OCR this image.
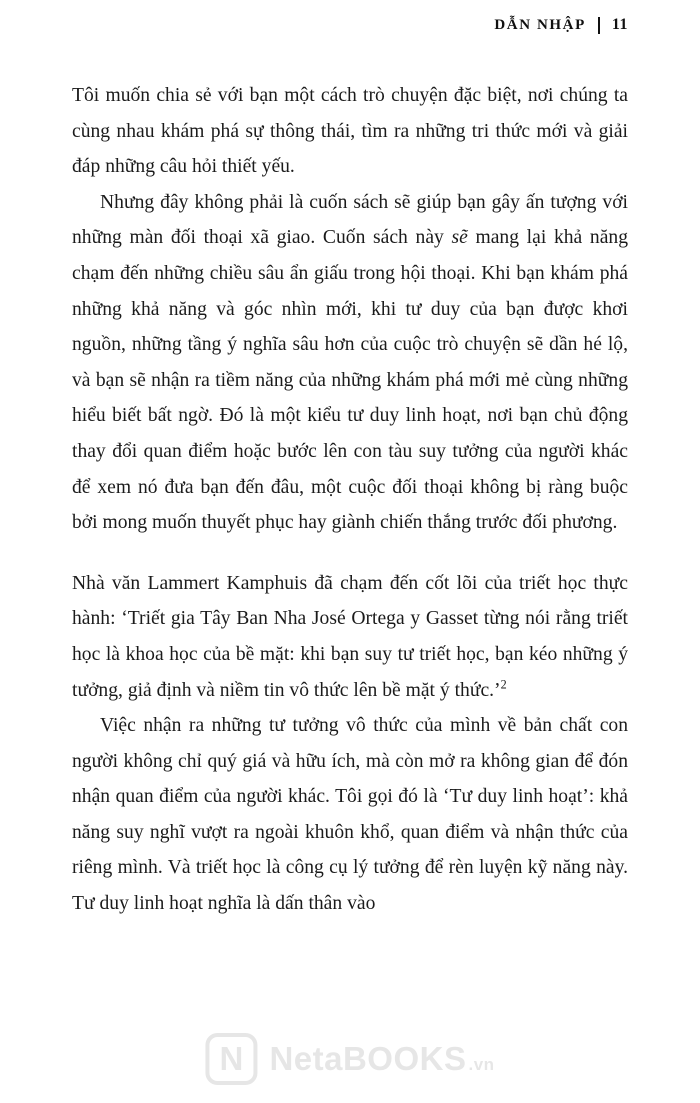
DẪN NHẬP 11

Tôi muốn chia sẻ với bạn một cách trò chuyện đặc biệt, nơi chúng ta cùng nhau khám phá sự thông thái, tìm ra những tri thức mới và giải đáp những câu hỏi thiết yếu.

Nhưng đây không phải là cuốn sách sẽ giúp bạn gây ấn tượng với những màn đối thoại xã giao. Cuốn sách này sẽ mang lại khả năng chạm đến những chiều sâu ẩn giấu trong hội thoại. Khi bạn khám phá những khả năng và góc nhìn mới, khi tư duy của bạn được khơi nguồn, những tầng ý nghĩa sâu hơn của cuộc trò chuyện sẽ dần hé lộ, và bạn sẽ nhận ra tiềm năng của những khám phá mới mẻ cùng những hiểu biết bất ngờ. Đó là một kiểu tư duy linh hoạt, nơi bạn chủ động thay đổi quan điểm hoặc bước lên con tàu suy tưởng của người khác để xem nó đưa bạn đến đâu, một cuộc đối thoại không bị ràng buộc bởi mong muốn thuyết phục hay giành chiến thắng trước đối phương.

Nhà văn Lammert Kamphuis đã chạm đến cốt lõi của triết học thực hành: ‘Triết gia Tây Ban Nha José Ortega y Gasset từng nói rằng triết học là khoa học của bề mặt: khi bạn suy tư triết học, bạn kéo những ý tưởng, giả định và niềm tin vô thức lên bề mặt ý thức.’$^2$

Việc nhận ra những tư tưởng vô thức của mình về bản chất con người không chỉ quý giá và hữu ích, mà còn mở ra không gian để đón nhận quan điểm của người khác. Tôi gọi đó là ‘Tư duy linh hoạt’: khả năng suy nghĩ vượt ra ngoài khuôn khổ, quan điểm và nhận thức của riêng mình. Và triết học là công cụ lý tưởng để rèn luyện kỹ năng này. Tư duy linh hoạt nghĩa là dấn thân vào

N
NetaBOOKS .vn
